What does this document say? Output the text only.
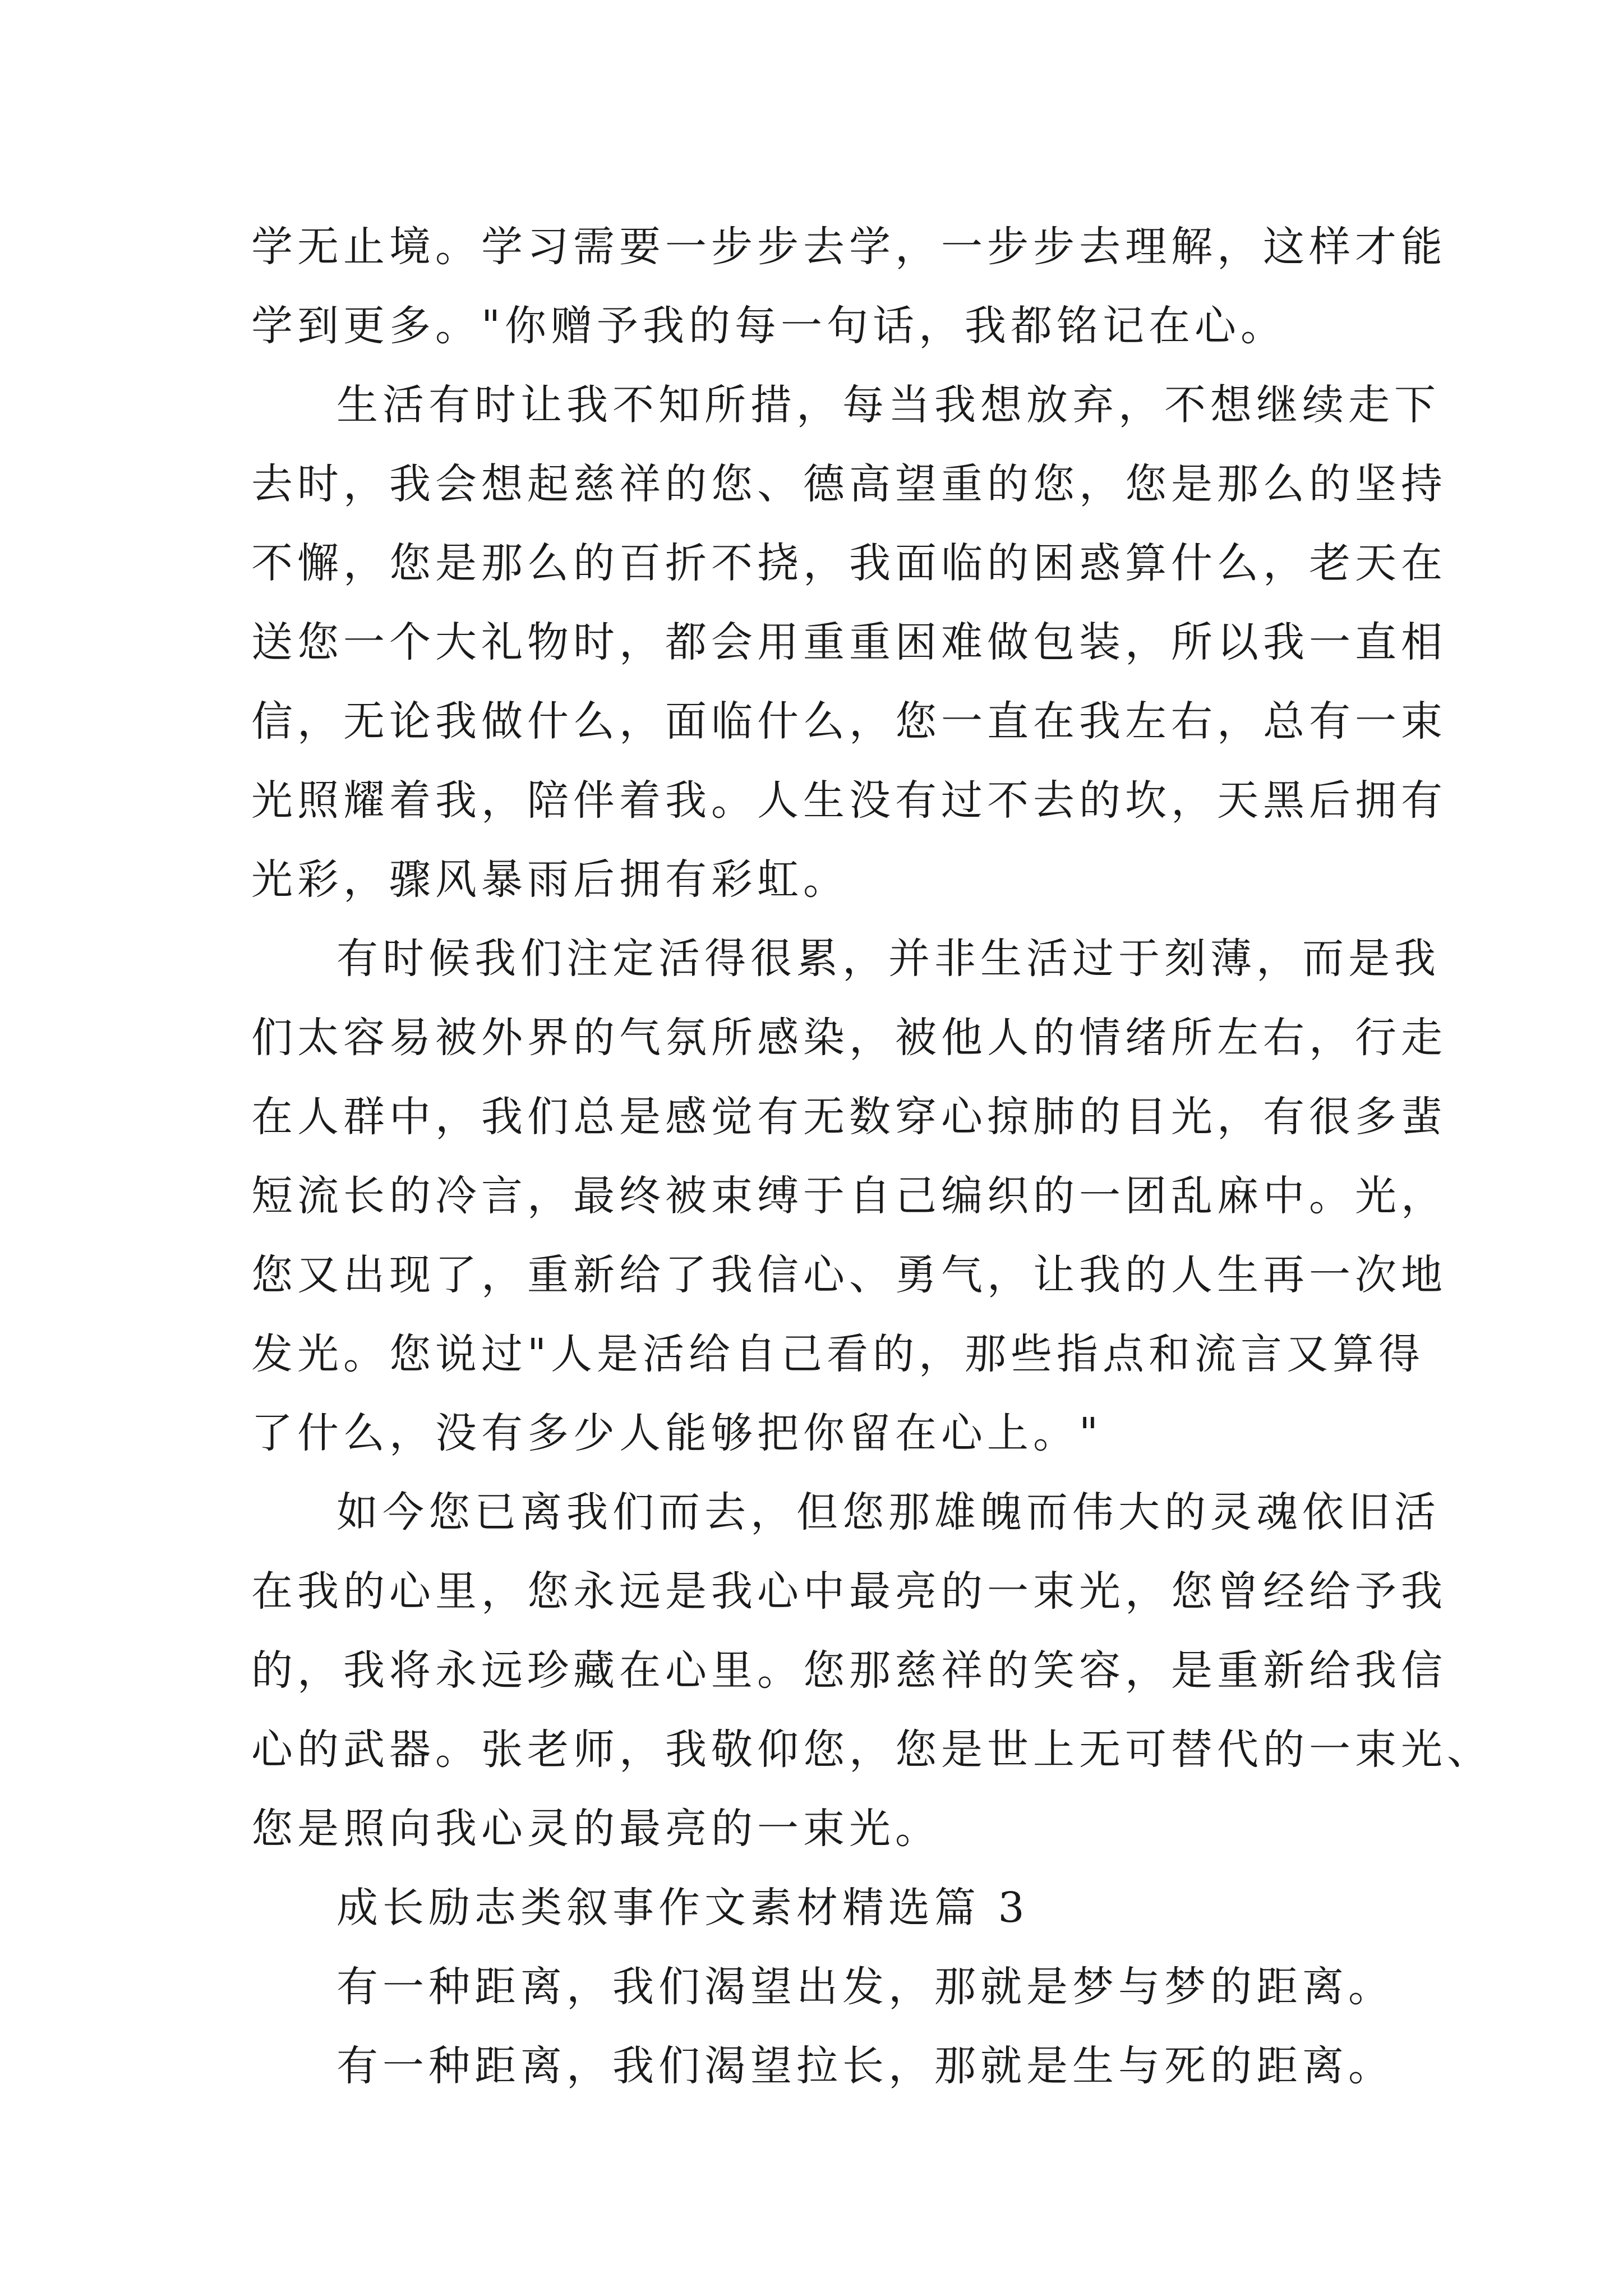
学无止境。学习需要一步步去学，一步步去理解，这样才能
学到更多。"你赠予我的每一句话，我都铭记在心。
生活有时让我不知所措，每当我想放弃，不想继续走下
去时，我会想起慈祥的您、德高望重的您，您是那么的坚持
不懈，您是那么的百折不挠，我面临的困惑算什么，老天在
送您一个大礼物时，都会用重重困难做包装，所以我一直相
信，无论我做什么，面临什么，您一直在我左右，总有一束
光照耀着我，陪伴着我。人生没有过不去的坎，天黑后拥有
光彩，骤风暴雨后拥有彩虹。
有时候我们注定活得很累，并非生活过于刻薄，而是我
们太容易被外界的气氛所感染，被他人的情绪所左右，行走
在人群中，我们总是感觉有无数穿心掠肺的目光，有很多蜚
短流长的冷言，最终被束缚于自己编织的一团乱麻中。光，
您又出现了，重新给了我信心、勇气，让我的人生再一次地
发光。您说过"人是活给自己看的，那些指点和流言又算得
了什么，没有多少人能够把你留在心上。"
如今您已离我们而去，但您那雄魄而伟大的灵魂依旧活
在我的心里，您永远是我心中最亮的一束光，您曾经给予我
的，我将永远珍藏在心里。您那慈祥的笑容，是重新给我信
心的武器。张老师，我敬仰您，您是世上无可替代的一束光、
您是照向我心灵的最亮的一束光。
成长励志类叙事作文素材精选篇 3
有一种距离，我们渴望出发，那就是梦与梦的距离。
有一种距离，我们渴望拉长，那就是生与死的距离。
